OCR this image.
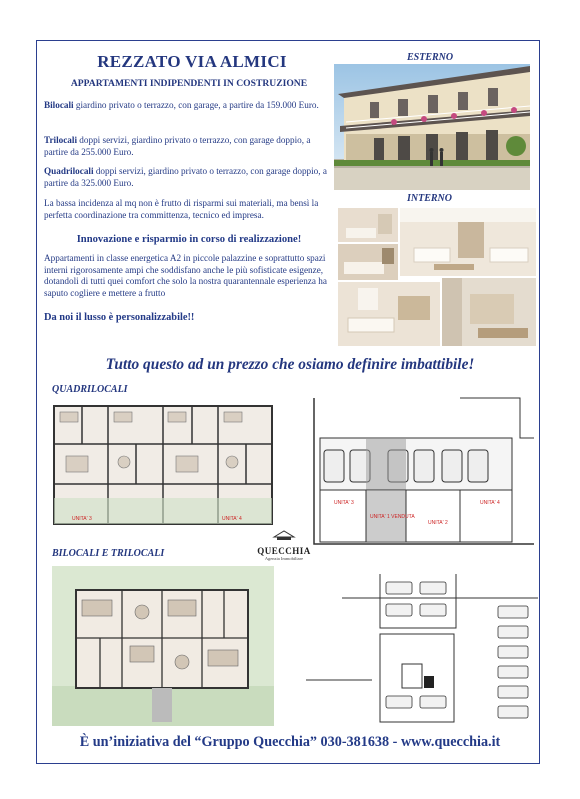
REZZATO VIA ALMICI
APPARTAMENTI INDIPENDENTI IN COSTRUZIONE
Bilocali giardino privato o terrazzo, con garage, a partire da 159.000 Euro.
Trilocali doppi servizi, giardino privato o terrazzo, con garage doppio, a partire da 255.000 Euro.
Quadrilocali doppi servizi, giardino privato o terrazzo, con garage doppio, a partire da 325.000 Euro.
La bassa incidenza al mq non è frutto di risparmi sui materiali, ma bensì la perfetta coordinazione tra committenza, tecnico ed impresa.
Innovazione e risparmio in corso di realizzazione!
Appartamenti in classe energetica A2 in piccole palazzine e soprattutto spazi interni rigorosamente ampi che soddisfano anche le più sofisticate esigenze, dotandoli di tutti quei comfort che solo la nostra quarantennale esperienza ha saputo cogliere e mettere a frutto
Da noi il lusso è personalizzabile!!
ESTERNO
INTERNO
Tutto questo ad un prezzo che osiamo definire imbattibile!
QUADRILOCALI
UNITA' 3	UNITA' 4
UNITA' 3	UNITA' 4
UNITA' 1 VENDUTA
UNITA' 2
QUECCHIA
Agenzia Immobiliare
BILOCALI E TRILOCALI
È un’iniziativa del “Gruppo Quecchia” 030-381638 - www.quecchia.it
